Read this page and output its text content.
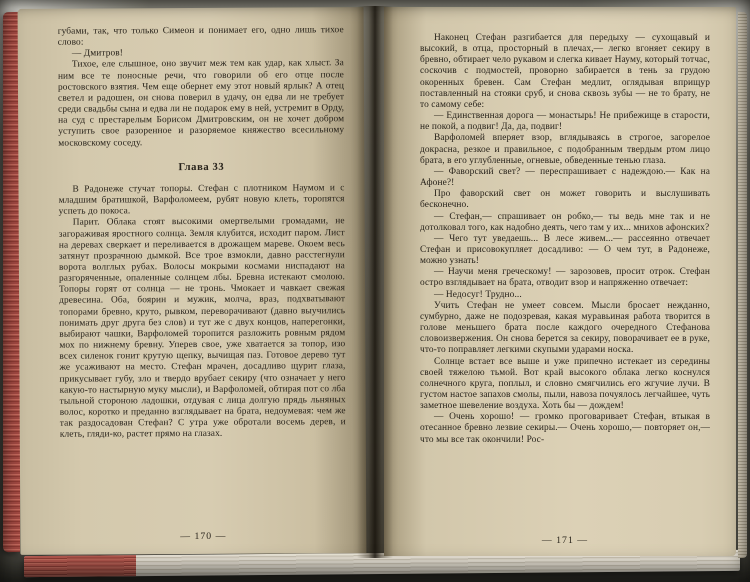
губами, так, что только Симеон и понимает его, одно лишь тихое слово:

— Дмитров!

Тихое, еле слышное, оно звучит меж тем как удар, как хлыст. За ним все те поносные речи, что говорили об его отце после ростовского взятия. Чем еще обернет ему этот новый ярлык? А отец светел и радошен, он снова поверил в удачу, он едва ли не требует среди свадьбы сына и едва ли не подарок ему в ней, устремит в Орду, на суд с престарелым Борисом Дмитровским, он не хочет добром уступить свое разоренное и разоряемое княжество всесильному московскому соседу.

Глава 33

В Радонеже стучат топоры. Стефан с плотником Наумом и с младшим братишкой, Варфоломеем, рубят новую клеть, торопятся успеть до покоса.

Парит. Облака стоят высокими омертвелыми громадами, не загораживая яростного солнца. Земля клубится, исходит паром. Лист на деревах сверкает и переливается в дрожащем мареве. Окоем весь затянут прозрачною дымкой. Все трое взмокли, давно расстегнули ворота волглых рубах. Волосы мокрыми космами ниспадают на разгоряченные, опаленные солнцем лбы. Бревна истекают смолою. Топоры горят от солнца — не тронь. Чмокает и чавкает свежая древесина. Оба, боярин и мужик, молча, враз, подхватывают топорами бревно, круто, рывком, переворачивают (давно выучились понимать друг друга без слов) и тут же с двух концов, наперегонки, выбирают чашки, Варфоломей торопится разложить ровным рядом мох по нижнему бревну. Уперев свое, уже хватается за топор, изо всех силенок гонит крутую щепку, вычищая паз. Готовое дерево тут же усаживают на место. Стефан мрачен, досадливо щурит глаза, прикусывает губу, зло и твердо врубает секиру (что означает у него какую-то настырную муку мысли), и Варфоломей, обтирая пот со лба тыльной стороною ладошки, отдувая с лица долгую прядь льняных волос, коротко и преданно взглядывает на брата, недоумевая: чем же так раздосадован Стефан? С утра уже обротали восемь дерев, и клеть, гляди-ко, растет прямо на глазах.

— 170 —

Наконец Стефан разгибается для передыху — сухощавый и высокий, в отца, просторный в плечах,— легко вгоняет секиру в бревно, обтирает чело рукавом и слегка кивает Науму, который тотчас, соскочив с подмостей, проворно забирается в тень за грудою окоренных бревен. Сам Стефан медлит, оглядывая вприщур поставленный на стояки сруб, и снова сквозь зубы — не то брату, не то самому себе:

— Единственная дорога — монастырь! Не прибежище в старости, не покой, а подвиг! Да, да, подвиг!

Варфоломей вперяет взор, вглядываясь в строгое, загорелое докрасна, резкое и правильное, с подобранным твердым ртом лицо брата, в его углубленные, огневые, обведенные тенью глаза.

— Фаворский свет? — переспрашивает с надеждою.— Как на Афоне?!

Про фаворский свет он может говорить и выслушивать бесконечно.

— Стефан,— спрашивает он робко,— ты ведь мне так и не дотолковал того, как надобно деять, чего там у их... мнихов афонских?

— Чего тут уведаешь... В лесе живем...— рассеянно отвечает Стефан и присовокупляет досадливо: — О чем тут, в Радонеже, можно узнать!

— Научи меня греческому! — зарозовев, просит отрок. Стефан остро взглядывает на брата, отводит взор и напряженно отвечает:

— Недосуг! Трудно...

Учить Стефан не умеет совсем. Мысли бросает нежданно, сумбурно, даже не подозревая, какая муравьиная работа творится в голове меньшего брата после каждого очередного Стефанова словоизвержения. Он снова берется за секиру, поворачивает ее в руке, что-то поправляет легкими скупыми ударами носка.

Солнце встает все выше и уже припечно истекает из середины своей тяжелою тьмой. Вот край высокого облака легко коснулся солнечного круга, поплыл, и словно смягчились его жгучие лучи. В густом настое запахов смолы, пыли, навоза почуялось легчайшее, чуть заметное шевеление воздуха. Хоть бы — дождем!

— Очень хорошо! — громко проговаривает Стефан, втыкая в отесанное бревно лезвие секиры.— Очень хорошо,— повторяет он,— что мы все так окончили! Рос-

— 171 —
